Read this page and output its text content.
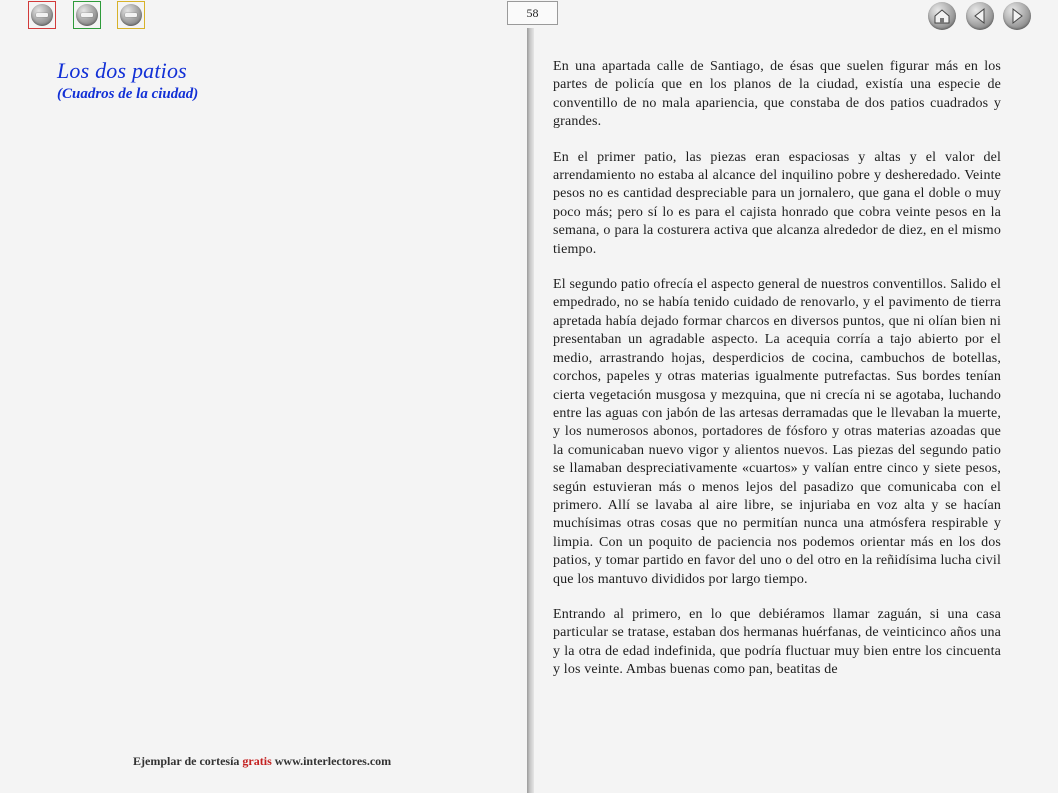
58
Los dos patios
(Cuadros de la ciudad)
Ejemplar de cortesía gratis www.interlectores.com

En una apartada calle de Santiago, de ésas que suelen figurar más en los partes de policía que en los planos de la ciudad, existía una especie de conventillo de no mala apariencia, que constaba de dos patios cuadrados y grandes.

En el primer patio, las piezas eran espaciosas y altas y el valor del arrendamiento no estaba al alcance del inquilino pobre y desheredado. Veinte pesos no es cantidad despreciable para un jornalero, que gana el doble o muy poco más; pero sí lo es para el cajista honrado que cobra veinte pesos en la semana, o para la costurera activa que alcanza alrededor de diez, en el mismo tiempo.

El segundo patio ofrecía el aspecto general de nuestros conventillos. Salido el empedrado, no se había tenido cuidado de renovarlo, y el pavimento de tierra apretada había dejado formar charcos en diversos puntos, que ni olían bien ni presentaban un agradable aspecto. La acequia corría a tajo abierto por el medio, arrastrando hojas, desperdicios de cocina, cambuchos de botellas, corchos, papeles y otras materias igualmente putrefactas. Sus bordes tenían cierta vegetación musgosa y mezquina, que ni crecía ni se agotaba, luchando entre las aguas con jabón de las artesas derramadas que le llevaban la muerte, y los numerosos abonos, portadores de fósforo y otras materias azoadas que la comunicaban nuevo vigor y alientos nuevos. Las piezas del segundo patio se llamaban despreciativamente «cuartos» y valían entre cinco y siete pesos, según estuvieran más o menos lejos del pasadizo que comunicaba con el primero. Allí se lavaba al aire libre, se injuriaba en voz alta y se hacían muchísimas otras cosas que no permitían nunca una atmósfera respirable y limpia. Con un poquito de paciencia nos podemos orientar más en los dos patios, y tomar partido en favor del uno o del otro en la reñidísima lucha civil que los mantuvo divididos por largo tiempo.

Entrando al primero, en lo que debiéramos llamar zaguán, si una casa particular se tratase, estaban dos hermanas huérfanas, de veinticinco años una y la otra de edad indefinida, que podría fluctuar muy bien entre los cincuenta y los veinte. Ambas buenas como pan, beatitas de
